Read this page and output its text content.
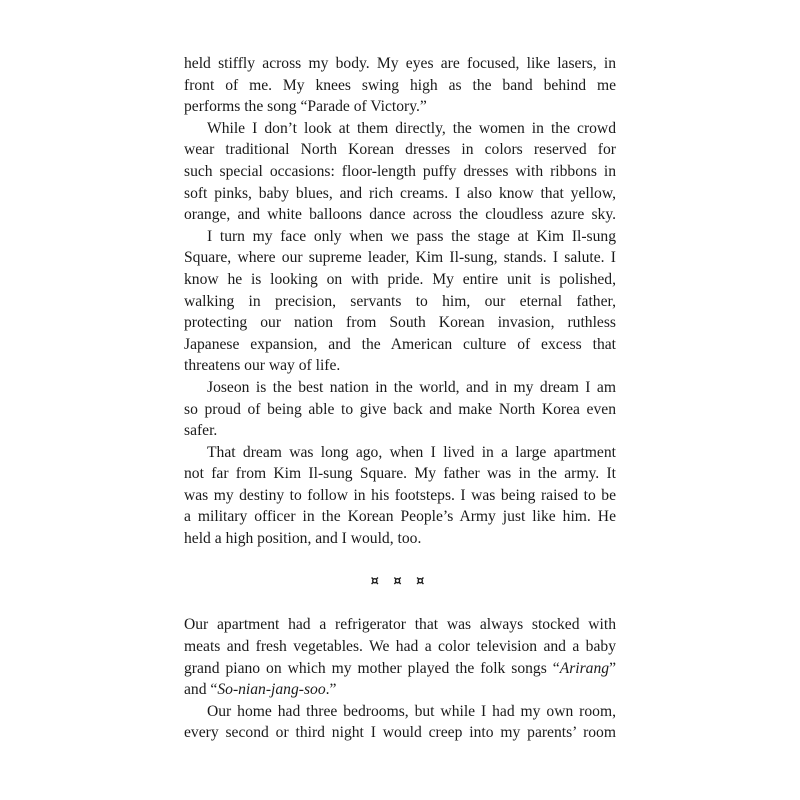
held stiffly across my body. My eyes are focused, like lasers, in
front of me. My knees swing high as the band behind me
performs the song “Parade of Victory.”
While I don’t look at them directly, the women in the crowd
wear traditional North Korean dresses in colors reserved for
such special occasions: floor-length puffy dresses with ribbons in
soft pinks, baby blues, and rich creams. I also know that yellow,
orange, and white balloons dance across the cloudless azure sky.
I turn my face only when we pass the stage at Kim Il-sung
Square, where our supreme leader, Kim Il-sung, stands. I salute. I
know he is looking on with pride. My entire unit is polished,
walking in precision, servants to him, our eternal father,
protecting our nation from South Korean invasion, ruthless
Japanese expansion, and the American culture of excess that
threatens our way of life.
Joseon is the best nation in the world, and in my dream I am
so proud of being able to give back and make North Korea even
safer.
That dream was long ago, when I lived in a large apartment
not far from Kim Il-sung Square. My father was in the army. It
was my destiny to follow in his footsteps. I was being raised to be
a military officer in the Korean People’s Army just like him. He
held a high position, and I would, too.
¤ ¤ ¤
Our apartment had a refrigerator that was always stocked with
meats and fresh vegetables. We had a color television and a baby
grand piano on which my mother played the folk songs “Arirang”
and “So-nian-jang-soo.”
Our home had three bedrooms, but while I had my own room,
every second or third night I would creep into my parents’ room
